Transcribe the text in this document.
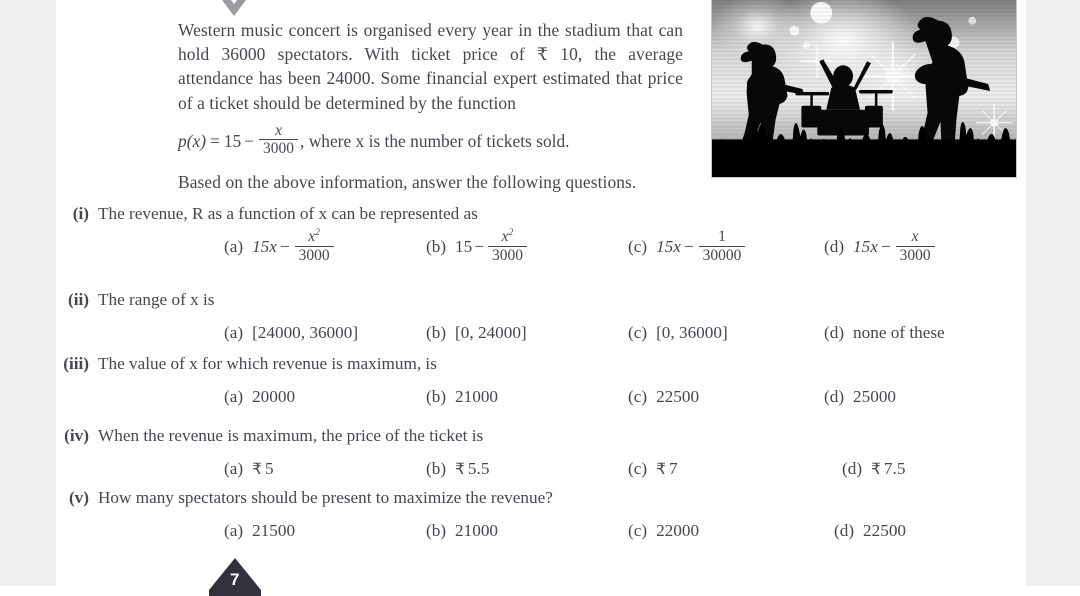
Western music concert is organised every year in the stadium that can hold 36000 spectators. With ticket price of ₹ 10, the average attendance has been 24000. Some financial expert estimated that price of a ticket should be determined by the function
$p(x) = 15 - \frac{x}{3000}$ , where x is the number of tickets sold.
Based on the above information, answer the following questions.
(i) The revenue, R as a function of x can be represented as
(a) $15x - \frac{x^2}{3000}$	(b) $15 - \frac{x^2}{3000}$	(c) $15x - \frac{1}{30000}$	(d) $15x - \frac{x}{3000}$
(ii) The range of x is
(a) [24000, 36000]	(b) [0, 24000]	(c) [0, 36000]	(d) none of these
(iii) The value of x for which revenue is maximum, is
(a) 20000	(b) 21000	(c) 22500	(d) 25000
(iv) When the revenue is maximum, the price of the ticket is
(a) ₹ 5	(b) ₹ 5.5	(c) ₹ 7	(d) ₹ 7.5
(v) How many spectators should be present to maximize the revenue?
(a) 21500	(b) 21000	(c) 22000	(d) 22500
7
